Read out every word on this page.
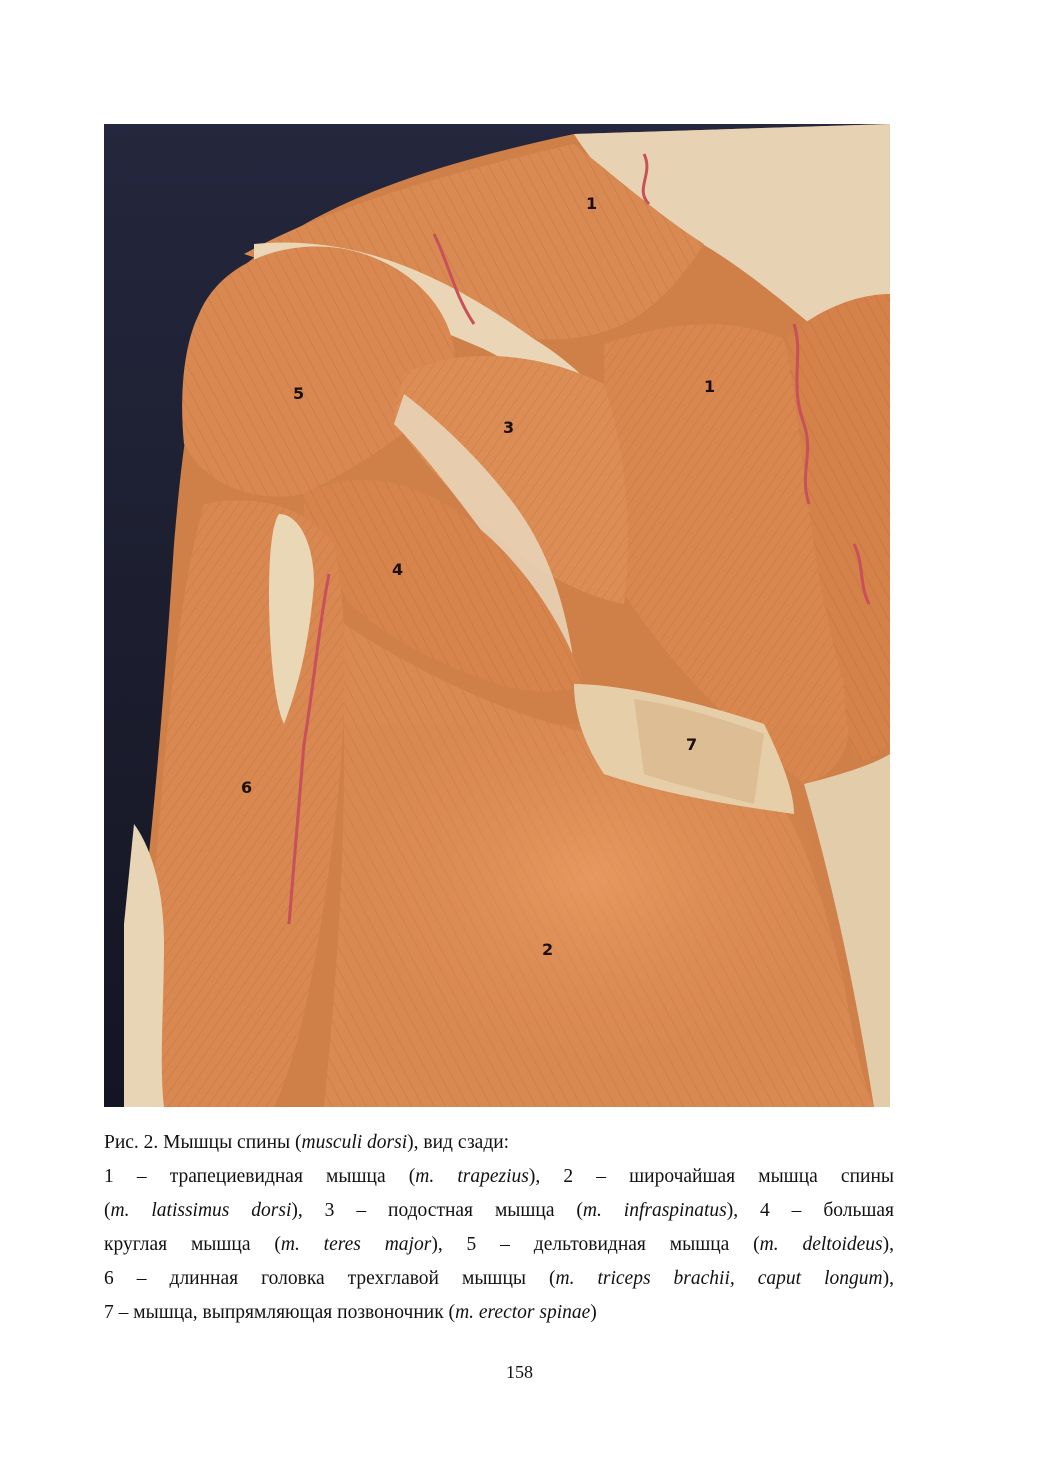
1
1
2
3
4
5
6
7

Рис. 2. Мышцы спины (musculi dorsi), вид сзади:

1 – трапециевидная мышца (m. trapezius), 2 – широчайшая мышца спины

(m. latissimus dorsi), 3 – подостная мышца (m. infraspinatus), 4 – большая

круглая мышца (m. teres major), 5 – дельтовидная мышца (m. deltoideus),

6 – длинная головка трехглавой мышцы (m. triceps brachii, caput longum),

7 – мышца, выпрямляющая позвоночник (m. erector spinae)

158
